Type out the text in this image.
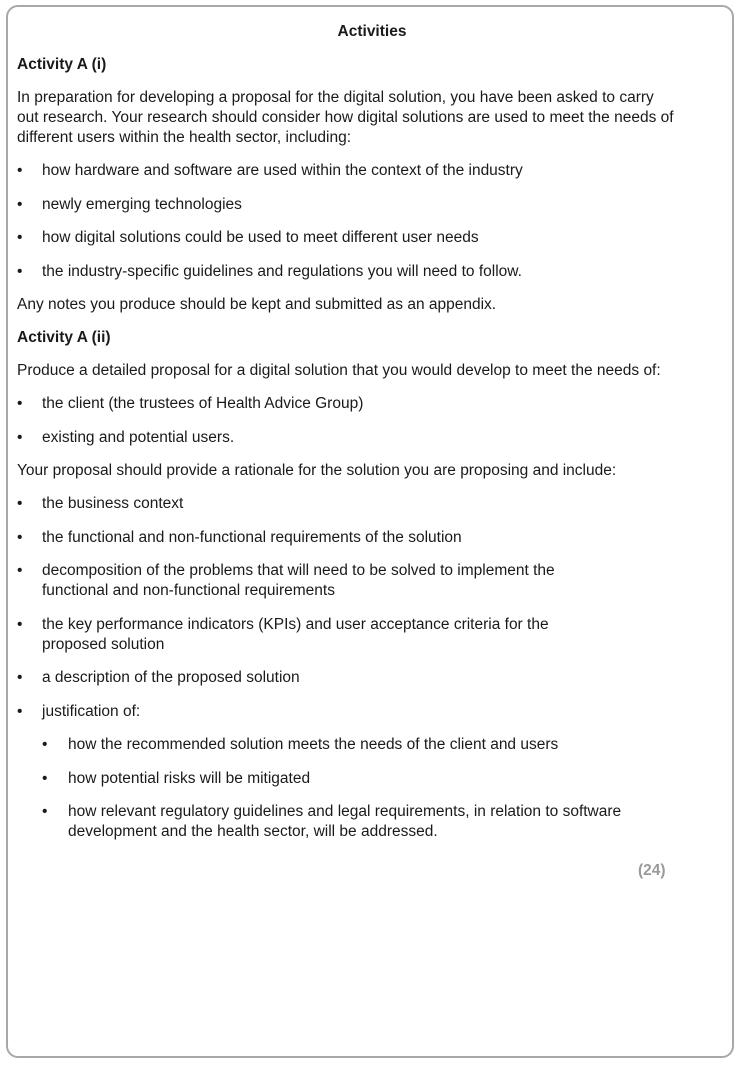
Activities
Activity A (i)
In preparation for developing a proposal for the digital solution, you have been asked to carry out research. Your research should consider how digital solutions are used to meet the needs of different users within the health sector, including:
• how hardware and software are used within the context of the industry
• newly emerging technologies
• how digital solutions could be used to meet different user needs
• the industry-specific guidelines and regulations you will need to follow.
Any notes you produce should be kept and submitted as an appendix.
Activity A (ii)
Produce a detailed proposal for a digital solution that you would develop to meet the needs of:
• the client (the trustees of Health Advice Group)
• existing and potential users.
Your proposal should provide a rationale for the solution you are proposing and include:
• the business context
• the functional and non-functional requirements of the solution
• decomposition of the problems that will need to be solved to implement the functional and non-functional requirements
• the key performance indicators (KPIs) and user acceptance criteria for the proposed solution
• a description of the proposed solution
• justification of:
• how the recommended solution meets the needs of the client and users
• how potential risks will be mitigated
• how relevant regulatory guidelines and legal requirements, in relation to software development and the health sector, will be addressed.
(24)
